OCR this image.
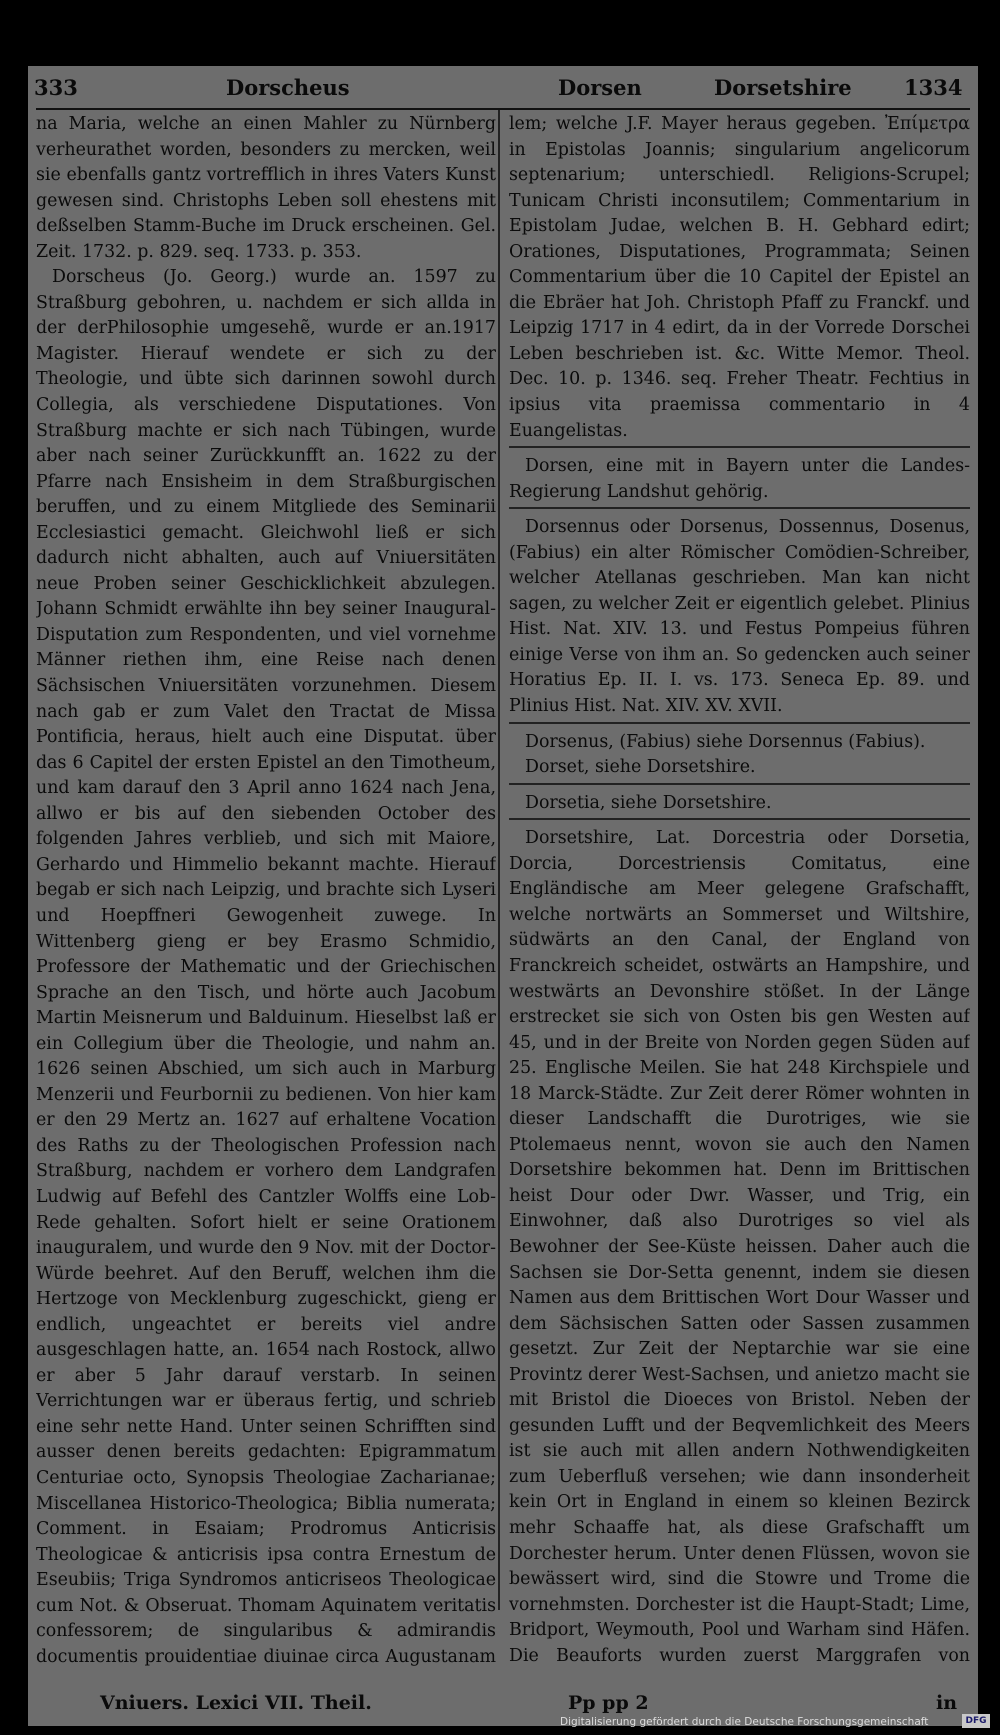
333	Dorscheus	Dorsen	Dorsetshire 1334

na Maria, welche an einen Mahler zu Nürnberg verheurathet worden, besonders zu mercken, weil sie ebenfalls gantz vortrefflich in ihres Vaters Kunst gewesen sind. Christophs Leben soll ehestens mit deßselben Stamm-Buche im Druck erscheinen. Gel. Zeit. 1732. p. 829. seq. 1733. p. 353.

Dorscheus (Jo. Georg.) wurde an. 1597 zu Straßburg gebohren, u. nachdem er sich allda in der derPhilosophie umgesehẽ, wurde er an.1917 Magister. Hierauf wendete er sich zu der Theologie, und übte sich darinnen sowohl durch Collegia, als verschiedene Disputationes. Von Straßburg machte er sich nach Tübingen, wurde aber nach seiner Zurückkunfft an. 1622 zu der Pfarre nach Ensisheim in dem Straßburgischen beruffen, und zu einem Mitgliede des Seminarii Ecclesiastici gemacht. Gleichwohl ließ er sich dadurch nicht abhalten, auch auf Vniuersitäten neue Proben seiner Geschicklichkeit abzulegen. Johann Schmidt erwählte ihn bey seiner Inaugural-Disputation zum Respondenten, und viel vornehme Männer riethen ihm, eine Reise nach denen Sächsischen Vniuersitäten vorzunehmen. Diesem nach gab er zum Valet den Tractat de Missa Pontificia, heraus, hielt auch eine Disputat. über das 6 Capitel der ersten Epistel an den Timotheum, und kam darauf den 3 April anno 1624 nach Jena, allwo er bis auf den siebenden October des folgenden Jahres verblieb, und sich mit Maiore, Gerhardo und Himmelio bekannt machte. Hierauf begab er sich nach Leipzig, und brachte sich Lyseri und Hoepffneri Gewogenheit zuwege. In Wittenberg gieng er bey Erasmo Schmidio, Professore der Mathematic und der Griechischen Sprache an den Tisch, und hörte auch Jacobum Martin Meisnerum und Balduinum. Hieselbst laß er ein Collegium über die Theologie, und nahm an. 1626 seinen Abschied, um sich auch in Marburg Menzerii und Feurbornii zu bedienen. Von hier kam er den 29 Mertz an. 1627 auf erhaltene Vocation des Raths zu der Theologischen Profession nach Straßburg, nachdem er vorhero dem Landgrafen Ludwig auf Befehl des Cantzler Wolffs eine Lob-Rede gehalten. Sofort hielt er seine Orationem inauguralem, und wurde den 9 Nov. mit der Doctor-Würde beehret. Auf den Beruff, welchen ihm die Hertzoge von Mecklenburg zugeschickt, gieng er endlich, ungeachtet er bereits viel andre ausgeschlagen hatte, an. 1654 nach Rostock, allwo er aber 5 Jahr darauf verstarb. In seinen Verrichtungen war er überaus fertig, und schrieb eine sehr nette Hand. Unter seinen Schrifften sind ausser denen bereits gedachten: Epigrammatum Centuriae octo, Synopsis Theologiae Zacharianae; Miscellanea Historico-Theologica; Biblia numerata; Comment. in Esaiam; Prodromus Anticrisis Theologicae & anticrisis ipsa contra Ernestum de Eseubiis; Triga Syndromos anticriseos Theologicae cum Not. & Obseruat. Thomam Aquinatem veritatis confessorem; de singularibus & admirandis documentis prouidentiae diuinae circa Augustanam

lem; welche J.F. Mayer heraus gegeben. Ἐπίμετρα in Epistolas Joannis; singularium angelicorum septenarium; unterschiedl. Religions-Scrupel; Tunicam Christi inconsutilem; Commentarium in Epistolam Judae, welchen B. H. Gebhard edirt; Orationes, Disputationes, Programmata; Seinen Commentarium über die 10 Capitel der Epistel an die Ebräer hat Joh. Christoph Pfaff zu Franckf. und Leipzig 1717 in 4 edirt, da in der Vorrede Dorschei Leben beschrieben ist. &c. Witte Memor. Theol. Dec. 10. p. 1346. seq. Freher Theatr. Fechtius in ipsius vita praemissa commentario in 4 Euangelistas.

Dorsen, eine mit in Bayern unter die Landes-Regierung Landshut gehörig.

Dorsennus oder Dorsenus, Dossennus, Dosenus, (Fabius) ein alter Römischer Comödien-Schreiber, welcher Atellanas geschrieben. Man kan nicht sagen, zu welcher Zeit er eigentlich gelebet. Plinius Hist. Nat. XIV. 13. und Festus Pompeius führen einige Verse von ihm an. So gedencken auch seiner Horatius Ep. II. I. vs. 173. Seneca Ep. 89. und Plinius Hist. Nat. XIV. XV. XVII.

Dorsenus, (Fabius) siehe Dorsennus (Fabius).

Dorset, siehe Dorsetshire.

Dorsetia, siehe Dorsetshire.

Dorsetshire, Lat. Dorcestria oder Dorsetia, Dorcia, Dorcestriensis Comitatus, eine Engländische am Meer gelegene Grafschafft, welche nortwärts an Sommerset und Wiltshire, südwärts an den Canal, der England von Franckreich scheidet, ostwärts an Hampshire, und westwärts an Devonshire stößet. In der Länge erstrecket sie sich von Osten bis gen Westen auf 45, und in der Breite von Norden gegen Süden auf 25. Englische Meilen. Sie hat 248 Kirchspiele und 18 Marck-Städte. Zur Zeit derer Römer wohnten in dieser Landschafft die Durotriges, wie sie Ptolemaeus nennt, wovon sie auch den Namen Dorsetshire bekommen hat. Denn im Brittischen heist Dour oder Dwr. Wasser, und Trig, ein Einwohner, daß also Durotriges so viel als Bewohner der See-Küste heissen. Daher auch die Sachsen sie Dor-Setta genennt, indem sie diesen Namen aus dem Brittischen Wort Dour Wasser und dem Sächsischen Satten oder Sassen zusammen gesetzt. Zur Zeit der Neptarchie war sie eine Provintz derer West-Sachsen, und anietzo macht sie mit Bristol die Dioeces von Bristol. Neben der gesunden Lufft und der Beqvemlichkeit des Meers ist sie auch mit allen andern Nothwendigkeiten zum Ueberfluß versehen; wie dann insonderheit kein Ort in England in einem so kleinen Bezirck mehr Schaaffe hat, als diese Grafschafft um Dorchester herum. Unter denen Flüssen, wovon sie bewässert wird, sind die Stowre und Trome die vornehmsten. Dorchester ist die Haupt-Stadt; Lime, Bridport, Weymouth, Pool und Warham sind Häfen. Die Beauforts wurden zuerst Marggrafen von

Vniuers. Lexici VII. Theil.	Pp pp 2	in
Digitalisierung gefördert durch die Deutsche Forschungsgemeinschaft	DFG
